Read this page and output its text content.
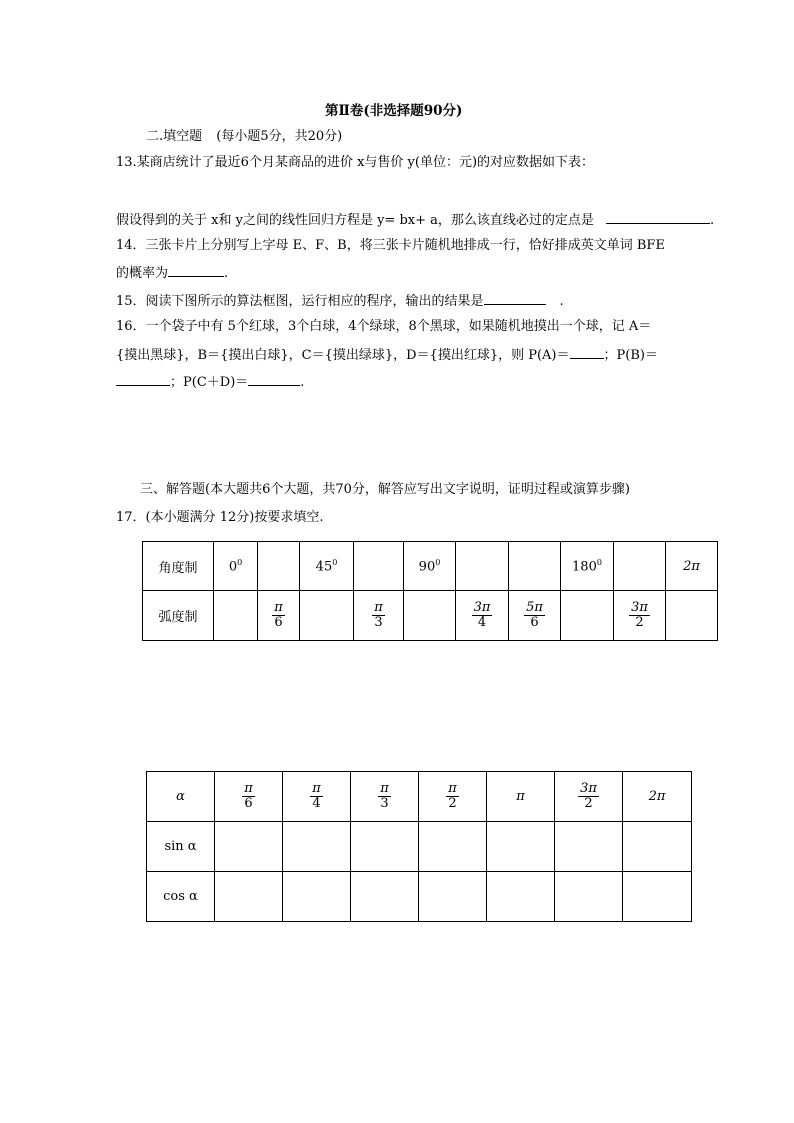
第Ⅱ卷(非选择题90分)
二.填空题 (每小题5分，共20分)
13.某商店统计了最近6个月某商品的进价 x与售价 y(单位：元)的对应数据如下表：
假设得到的关于 x和 y之间的线性回归方程是 y= bx+ a，那么该直线必过的定点是	.
14．三张卡片上分别写上字母 E、F、B，将三张卡片随机地排成一行，恰好排成英文单词 BFE
的概率为	.
15．阅读下图所示的算法框图，运行相应的程序，输出的结果是	.
16．一个袋子中有 5个红球，3个白球，4个绿球，8个黑球，如果随机地摸出一个球，记 A＝
{摸出黑球}，B＝{摸出白球}，C＝{摸出绿球}，D＝{摸出红球}，则 P(A)＝	；P(B)＝
；P(C＋D)＝	.
三、解答题(本大题共6个大题，共70分，解答应写出文字说明，证明过程或演算步骤)
17．(本小题满分 12分)按要求填空.
角度制	$0^0$		$45^0$		$90^0$			$180^0$		2π
弧度制		$\frac{\pi}{6}$		$\frac{\pi}{3}$		$\frac{3\pi}{4}$	$\frac{5\pi}{6}$		$\frac{3\pi}{2}$

α	$\frac{\pi}{6}$	$\frac{\pi}{4}$	$\frac{\pi}{3}$	$\frac{\pi}{2}$	π	$\frac{3\pi}{2}$	2π
sin α							
cos α							
